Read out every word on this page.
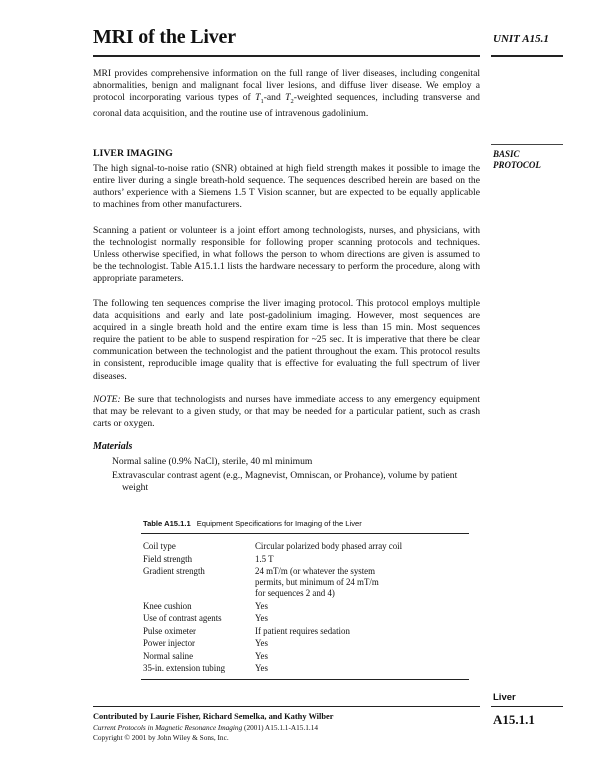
MRI of the Liver	UNIT A15.1

MRI provides comprehensive information on the full range of liver diseases, including congenital abnormalities, benign and malignant focal liver lesions, and diffuse liver disease. We employ a protocol incorporating various types of $T_1$-and $T_2$-weighted sequences, including transverse and coronal data acquisition, and the routine use of intravenous gadolinium.

BASIC
PROTOCOL
LIVER IMAGING

The high signal-to-noise ratio (SNR) obtained at high field strength makes it possible to image the entire liver during a single breath-hold sequence. The sequences described herein are based on the authors’ experience with a Siemens 1.5 T Vision scanner, but are expected to be equally applicable to machines from other manufacturers.

Scanning a patient or volunteer is a joint effort among technologists, nurses, and physicians, with the technologist normally responsible for following proper scanning protocols and techniques. Unless otherwise specified, in what follows the person to whom directions are given is assumed to be the technologist. Table A15.1.1 lists the hardware necessary to perform the procedure, along with appropriate parameters.

The following ten sequences comprise the liver imaging protocol. This protocol employs multiple data acquisitions and early and late post-gadolinium imaging. However, most sequences are acquired in a single breath hold and the entire exam time is less than 15 min. Most sequences require the patient to be able to suspend respiration for ~25 sec. It is imperative that there be clear communication between the technologist and the patient throughout the exam. This protocol results in consistent, reproducible image quality that is effective for evaluating the full spectrum of liver diseases.

NOTE: Be sure that technologists and nurses have immediate access to any emergency equipment that may be relevant to a given study, or that may be needed for a particular patient, such as crash carts or oxygen.

Materials
Normal saline (0.9% NaCl), sterile, 40 ml minimum
Extravascular contrast agent (e.g., Magnevist, Omniscan, or Prohance), volume by patient weight
Table A15.1.1 Equipment Specifications for Imaging of the Liver
Coil type	Circular polarized body phased array coil
Field strength	1.5 T
Gradient strength		24 mT/m (or whatever the system permits, but minimum of 24 mT/m for sequences 2 and 4)

Knee cushion	Yes
Use of contrast agents	Yes
Pulse oximeter	If patient requires sedation
Power injector	Yes
Normal saline	Yes
35-in. extension tubing	Yes
Liver
Contributed by Laurie Fisher, Richard Semelka, and Kathy Wilber
Current Protocols in Magnetic Resonance Imaging (2001) A15.1.1-A15.1.14
Copyright © 2001 by John Wiley & Sons, Inc.
A15.1.1
